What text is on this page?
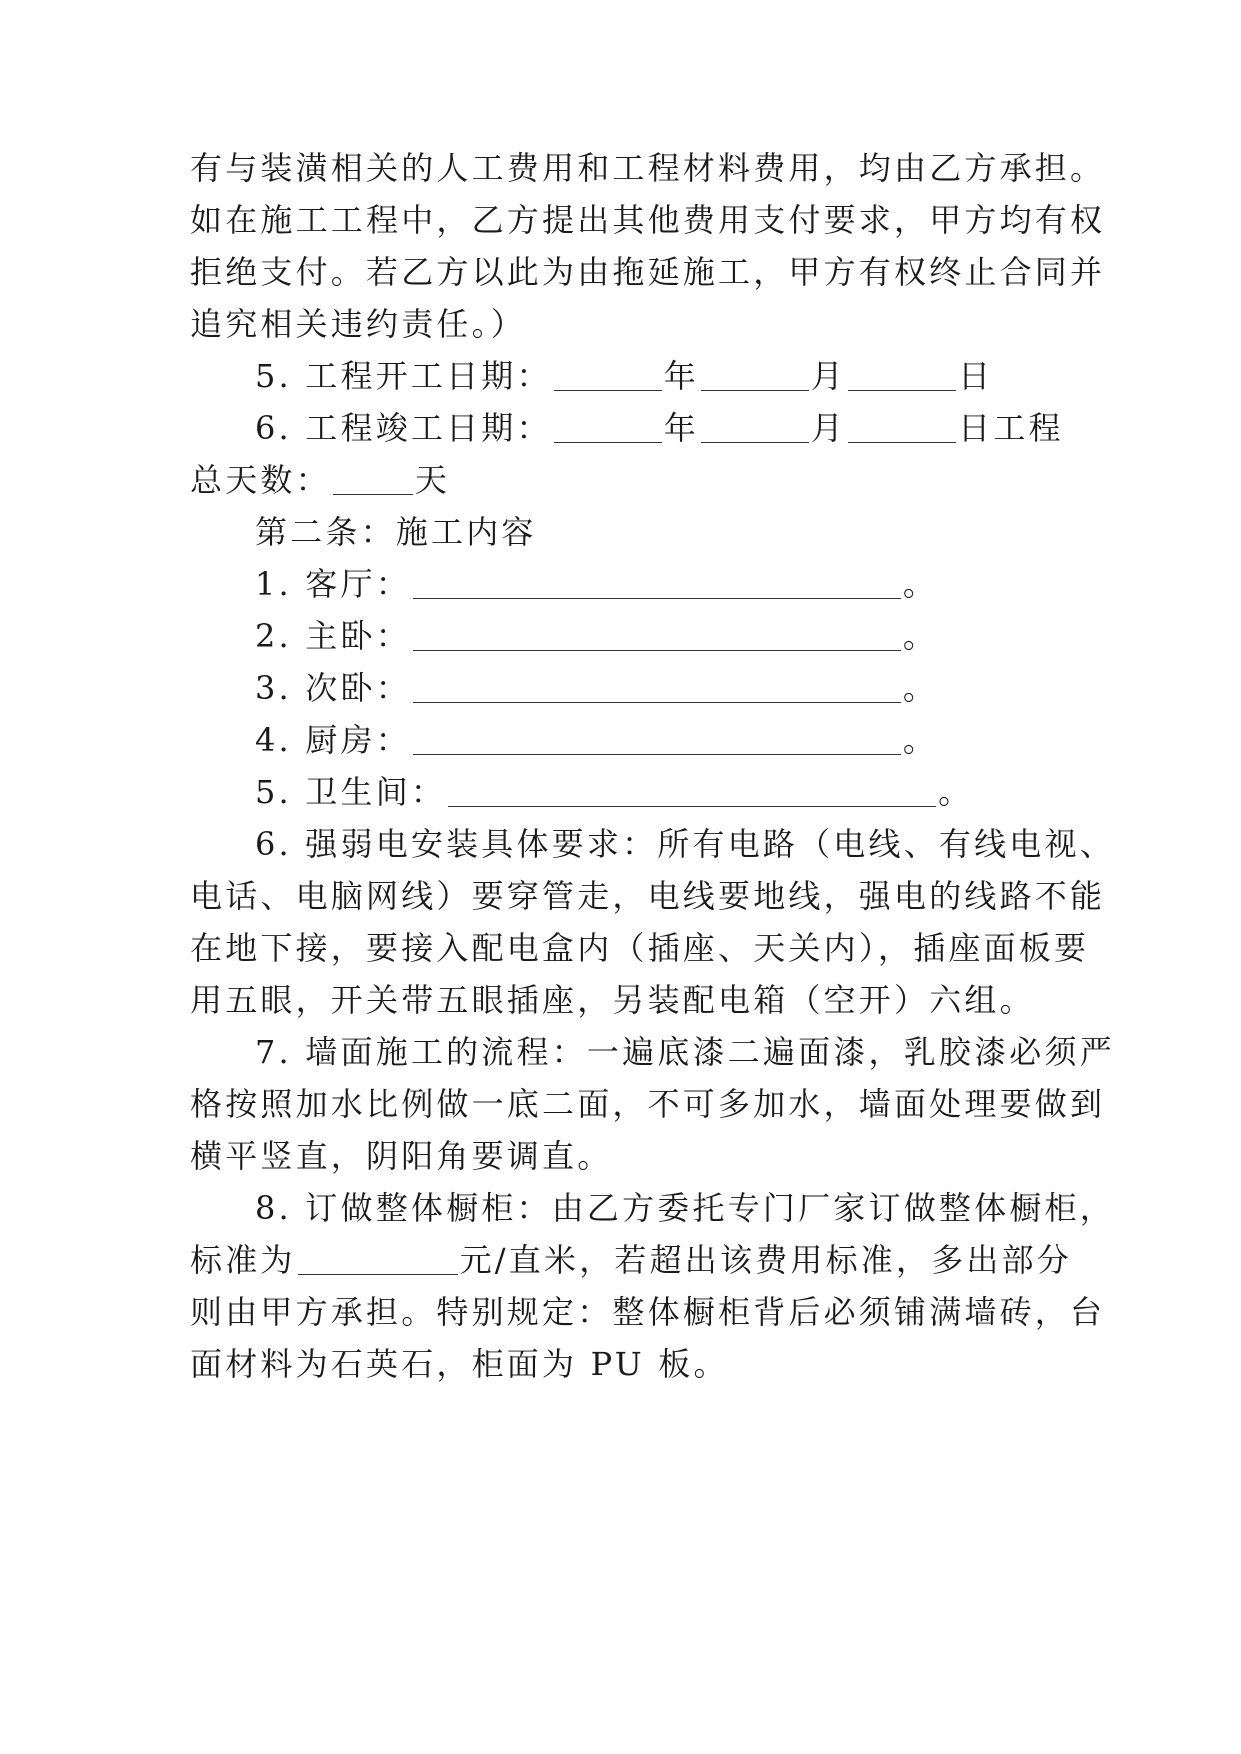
有与装潢相关的人工费用和工程材料费用，均由乙方承担。
如在施工工程中，乙方提出其他费用支付要求，甲方均有权
拒绝支付。若乙方以此为由拖延施工，甲方有权终止合同并
追究相关违约责任。）
5. 工程开工日期：	年	月	日
6. 工程竣工日期：	年	月	日工程
总天数：	天
第二条：施工内容
1. 客厅：	。
2. 主卧：	。
3. 次卧：	。
4. 厨房：	。
5. 卫生间：	。
6. 强弱电安装具体要求：所有电路（电线、有线电视、
电话、电脑网线）要穿管走，电线要地线，强电的线路不能
在地下接，要接入配电盒内（插座、天关内），插座面板要
用五眼，开关带五眼插座，另装配电箱（空开）六组。
7. 墙面施工的流程：一遍底漆二遍面漆，乳胶漆必须严
格按照加水比例做一底二面，不可多加水，墙面处理要做到
横平竖直，阴阳角要调直。
8. 订做整体橱柜：由乙方委托专门厂家订做整体橱柜，
标准为	元/直米，若超出该费用标准，多出部分
则由甲方承担。特别规定：整体橱柜背后必须铺满墙砖，台
面材料为石英石，柜面为 PU 板。
